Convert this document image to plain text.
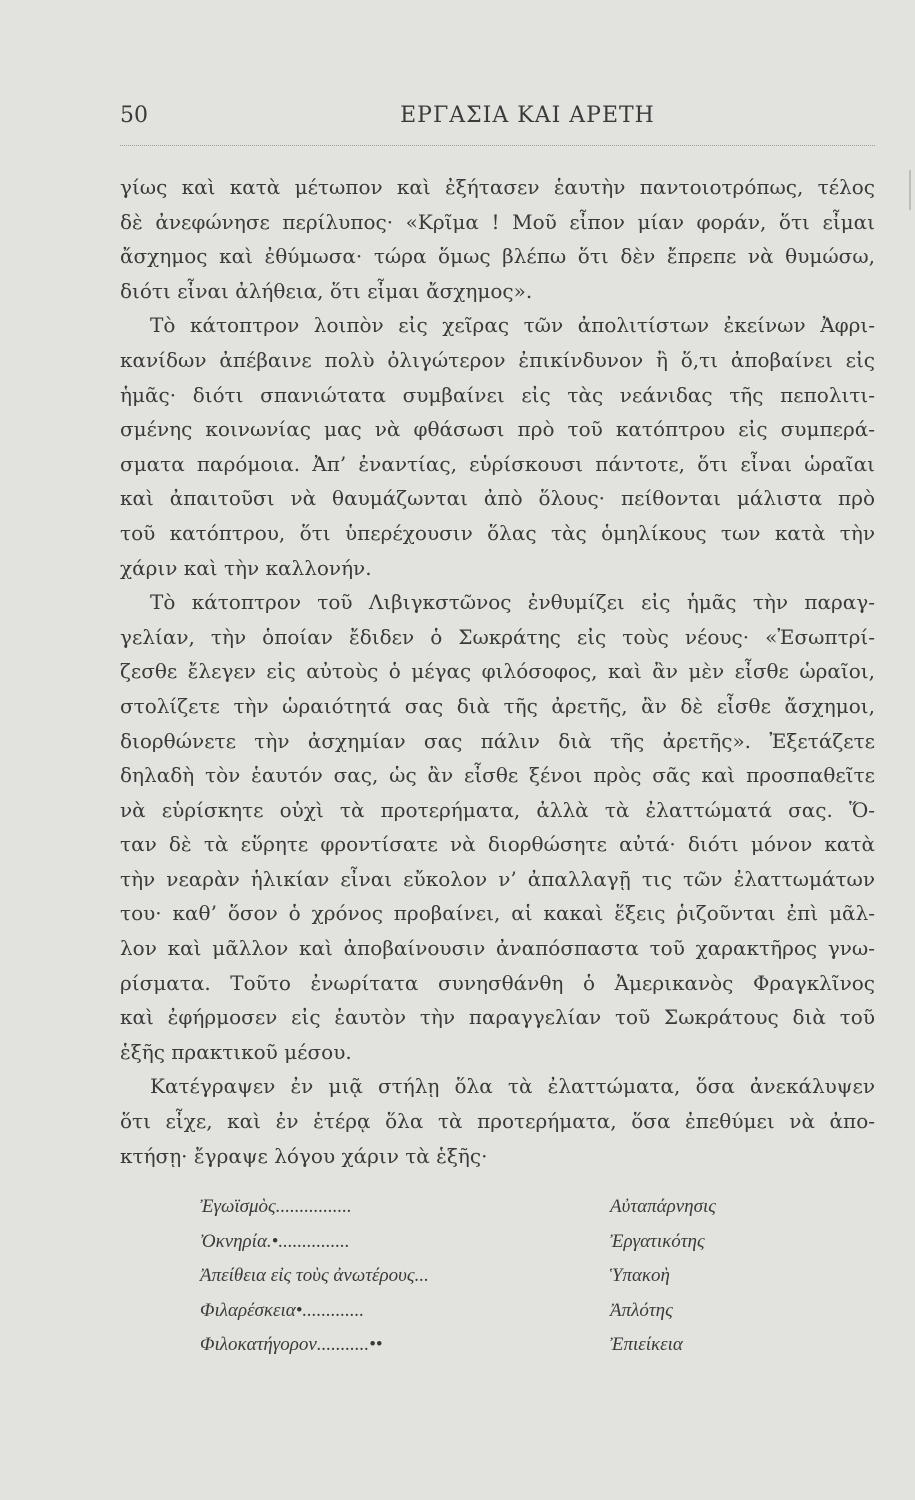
50	ΕΡΓΑΣΙΑ ΚΑΙ ΑΡΕΤΗ
γίως καὶ κατὰ μέτωπον καὶ ἐξήτασεν ἑαυτὴν παντοιοτρόπως, τέλος
δὲ ἀνεφώνησε περίλυπος· «Κρῖμα ! Μοῦ εἶπον μίαν φοράν, ὅτι εἶμαι
ἄσχημος καὶ ἐθύμωσα· τώρα ὅμως βλέπω ὅτι δὲν ἔπρεπε νὰ θυμώσω,
διότι εἶναι ἀλήθεια, ὅτι εἶμαι ἄσχημος».
Τὸ κάτοπτρον λοιπὸν εἰς χεῖρας τῶν ἀπολιτίστων ἐκείνων Ἀφρι-
κανίδων ἀπέβαινε πολὺ ὀλιγώτερον ἐπικίνδυνον ἢ ὅ,τι ἀποβαίνει εἰς
ἡμᾶς· διότι σπανιώτατα συμβαίνει εἰς τὰς νεάνιδας τῆς πεπολιτι-
σμένης κοινωνίας μας νὰ φθάσωσι πρὸ τοῦ κατόπτρου εἰς συμπερά-
σματα παρόμοια. Ἀπ’ ἐναντίας, εὑρίσκουσι πάντοτε, ὅτι εἶναι ὡραῖαι
καὶ ἀπαιτοῦσι νὰ θαυμάζωνται ἀπὸ ὅλους· πείθονται μάλιστα πρὸ
τοῦ κατόπτρου, ὅτι ὑπερέχουσιν ὅλας τὰς ὁμηλίκους των κατὰ τὴν
χάριν καὶ τὴν καλλονήν.
Τὸ κάτοπτρον τοῦ Λιβιγκστῶνος ἐνθυμίζει εἰς ἡμᾶς τὴν παραγ-
γελίαν, τὴν ὁποίαν ἔδιδεν ὁ Σωκράτης εἰς τοὺς νέους· «Ἐσωπτρί-
ζεσθε ἔλεγεν εἰς αὐτοὺς ὁ μέγας φιλόσοφος, καὶ ἂν μὲν εἶσθε ὡραῖοι,
στολίζετε τὴν ὡραιότητά σας διὰ τῆς ἀρετῆς, ἂν δὲ εἶσθε ἄσχημοι,
διορθώνετε τὴν ἀσχημίαν σας πάλιν διὰ τῆς ἀρετῆς». Ἐξετάζετε
δηλαδὴ τὸν ἑαυτόν σας, ὡς ἂν εἶσθε ξένοι πρὸς σᾶς καὶ προσπαθεῖτε
νὰ εὑρίσκητε οὐχὶ τὰ προτερήματα, ἀλλὰ τὰ ἐλαττώματά σας. Ὅ-
ταν δὲ τὰ εὕρητε φροντίσατε νὰ διορθώσητε αὐτά· διότι μόνον κατὰ
τὴν νεαρὰν ἡλικίαν εἶναι εὔκολον ν’ ἀπαλλαγῇ τις τῶν ἐλαττωμάτων
του· καθ’ ὅσον ὁ χρόνος προβαίνει, αἱ κακαὶ ἕξεις ῥιζοῦνται ἐπὶ μᾶλ-
λον καὶ μᾶλλον καὶ ἀποβαίνουσιν ἀναπόσπαστα τοῦ χαρακτῆρος γνω-
ρίσματα. Τοῦτο ἐνωρίτατα συνησθάνθη ὁ Ἀμερικανὸς Φραγκλῖνος
καὶ ἐφήρμοσεν εἰς ἑαυτὸν τὴν παραγγελίαν τοῦ Σωκράτους διὰ τοῦ
ἑξῆς πρακτικοῦ μέσου.
Κατέγραψεν ἐν μιᾷ στήλῃ ὅλα τὰ ἐλαττώματα, ὅσα ἀνεκάλυψεν
ὅτι εἶχε, καὶ ἐν ἑτέρᾳ ὅλα τὰ προτερήματα, ὅσα ἐπεθύμει νὰ ἀπο-
κτήσῃ· ἔγραψε λόγου χάριν τὰ ἑξῆς·
Ἐγωϊσμὸς................	Αὐταπάρνησις
Ὀκνηρία.•...............	Ἐργατικότης
Ἀπείθεια εἰς τοὺς ἀνωτέρους...	Ὑπακοὴ
Φιλαρέσκεια•.............	Ἀπλότης
Φιλοκατήγορον...........••	Ἐπιείκεια
